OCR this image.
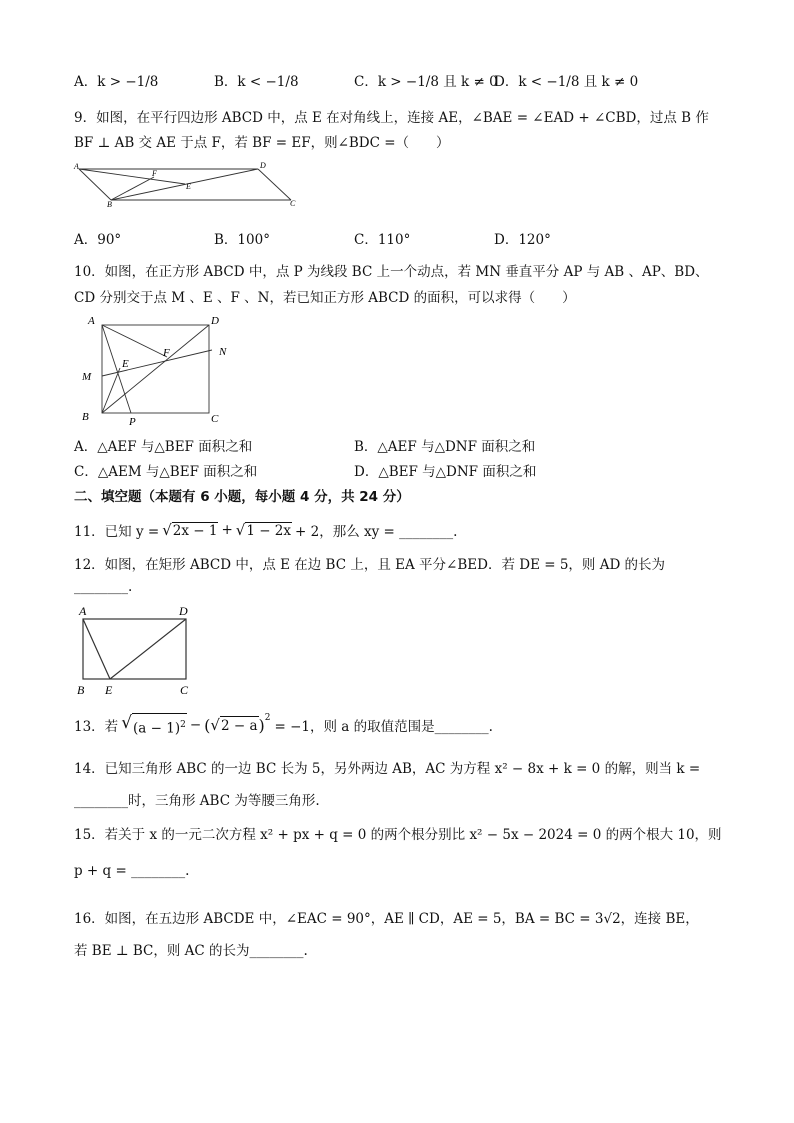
A．k > −1/8	B．k < −1/8	C．k > −1/8 且 k ≠ 0
D．k < −1/8 且 k ≠ 0
9．如图，在平行四边形 ABCD 中，点 E 在对角线上，连接 AE，∠BAE = ∠EAD + ∠CBD，过点 B 作
BF ⊥ AB 交 AE 于点 F，若 BF = EF，则∠BDC =（　　）
A	D
F
E
B	C
A．90°	B．100°	C．110°	D．120°
10．如图，在正方形 ABCD 中，点 P 为线段 BC 上一个动点，若 MN 垂直平分 AP 与 AB 、AP、BD、
CD 分别交于点 M 、E 、F 、N，若已知正方形 ABCD 的面积，可以求得（　　）
A	D
N
F
E
M
B	P	C
A．△AEF 与△BEF 面积之和	B．△AEF 与△DNF 面积之和
C．△AEM 与△BEF 面积之和	D．△BEF 与△DNF 面积之和
二、填空题（本题有 6 小题，每小题 4 分，共 24 分）
11．已知 y = √ 2x − 1 + √ 1 − 2x + 2，那么 xy = ________.
12．如图，在矩形 ABCD 中，点 E 在边 BC 上，且 EA 平分∠BED．若 DE = 5，则 AD 的长为
________.
A	D
B E	C
13．若 √ $(a - 1)^2$ − ( √ 2 − a )$^2$
= −1，则 a 的取值范围是________.
14．已知三角形 ABC 的一边 BC 长为 5，另外两边 AB，AC 为方程 x² − 8x + k = 0 的解，则当 k =
________时，三角形 ABC 为等腰三角形.
15．若关于 x 的一元二次方程 x² + px + q = 0 的两个根分别比 x² − 5x − 2024 = 0 的两个根大 10，则
p + q = ________.
16．如图，在五边形 ABCDE 中，∠EAC = 90°，AE ∥ CD，AE = 5，BA = BC = 3√2，连接 BE，
若 BE ⊥ BC，则 AC 的长为________.
